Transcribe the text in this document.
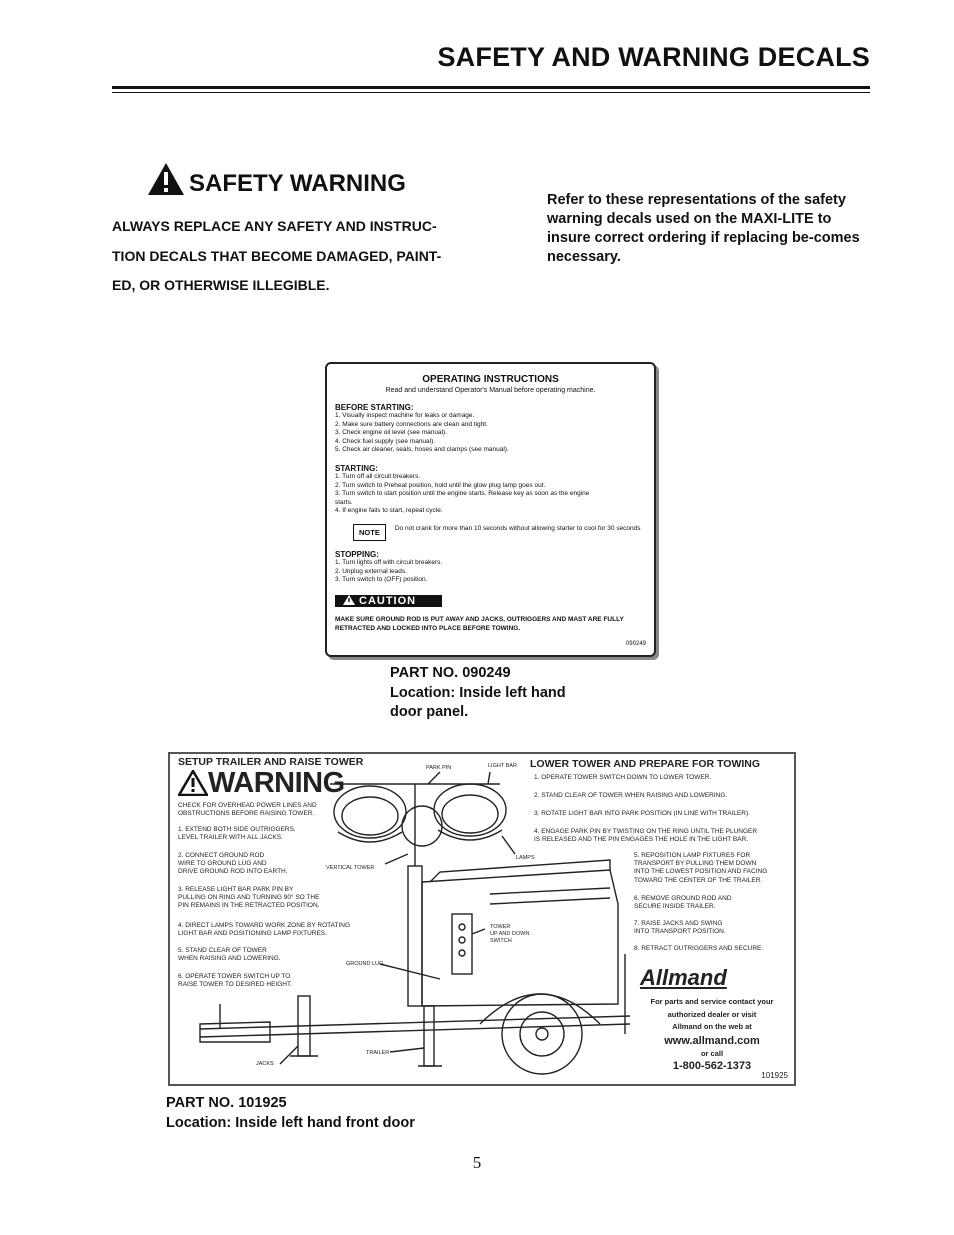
SAFETY AND WARNING DECALS
SAFETY WARNING
ALWAYS REPLACE ANY SAFETY AND INSTRUC-
TION DECALS THAT BECOME DAMAGED, PAINT-
ED, OR OTHERWISE ILLEGIBLE.
Refer to these representations of the safety warning decals used on the MAXI-LITE to insure correct ordering if replacing be-comes necessary.
OPERATING INSTRUCTIONS
Read and understand Operator's Manual before operating machine.
BEFORE STARTING:
1. Visually inspect machine for leaks or damage.
2. Make sure battery connections are clean and tight.
3. Check engine oil level (see manual).
4. Check fuel supply (see manual).
5. Check air cleaner, seals, hoses and clamps (see manual).
STARTING:
1. Turn off all circuit breakers.
2. Turn switch to Preheat position, hold until the glow plug lamp goes out.
3. Turn switch to start position until the engine starts. Release key as soon as the engine
starts.
4. If engine fails to start, repeat cycle.
NOTE	Do not crank for more than 10 seconds without allowing starter to cool for 30 seconds
STOPPING:
1. Turn lights off with circuit breakers.
2. Unplug external leads.
3. Turn switch to (OFF) position.
CAUTION
MAKE SURE GROUND ROD IS PUT AWAY AND JACKS, OUTRIGGERS AND MAST ARE FULLY RETRACTED AND LOCKED INTO PLACE BEFORE TOWING.
090249
PART NO. 090249
Location: Inside left hand
door panel.
SETUP TRAILER AND RAISE TOWER
WARNING
CHECK FOR OVERHEAD POWER LINES AND
OBSTRUCTIONS BEFORE RAISING TOWER.
1. EXTEND BOTH SIDE OUTRIGGERS.
LEVEL TRAILER WITH ALL JACKS.
2. CONNECT GROUND ROD
WIRE TO GROUND LUG AND
DRIVE GROUND ROD INTO EARTH.
3. RELEASE LIGHT BAR PARK PIN BY
PULLING ON RING AND TURNING 90° SO THE
PIN REMAINS IN THE RETRACTED POSITION.
4. DIRECT LAMPS TOWARD WORK ZONE BY ROTATING
LIGHT BAR AND POSITIONING LAMP FIXTURES.
5. STAND CLEAR OF TOWER
WHEN RAISING AND LOWERING.
6. OPERATE TOWER SWITCH UP TO
RAISE TOWER TO DESIRED HEIGHT.
LOWER TOWER AND PREPARE FOR TOWING
1. OPERATE TOWER SWITCH DOWN TO LOWER TOWER.
2. STAND CLEAR OF TOWER WHEN RAISING AND LOWERING.
3. ROTATE LIGHT BAR INTO PARK POSITION (IN LINE WITH TRAILER).
4. ENGAGE PARK PIN BY TWISTING ON THE RING UNTIL THE PLUNGER
IS RELEASED AND THE PIN ENGAGES THE HOLE IN THE LIGHT BAR.
5. REPOSITION LAMP FIXTURES FOR
TRANSPORT BY PULLING THEM DOWN
INTO THE LOWEST POSITION AND FACING
TOWARD THE CENTER OF THE TRAILER.
6. REMOVE GROUND ROD AND
SECURE INSIDE TRAILER.
7. RAISE JACKS AND SWING
INTO TRANSPORT POSITION.
8. RETRACT OUTRIGGERS AND SECURE.
PARK PIN	LIGHT BAR
LAMPS
VERTICAL TOWER
TOWER
UP AND DOWN
SWITCH
GROUND LUG
JACKS
TRAILER
Allmand
For parts and service contact your
authorized dealer or visit
Allmand on the web at
www.allmand.com
or call
1-800-562-1373
101925
PART NO. 101925
Location: Inside left hand front door
5
